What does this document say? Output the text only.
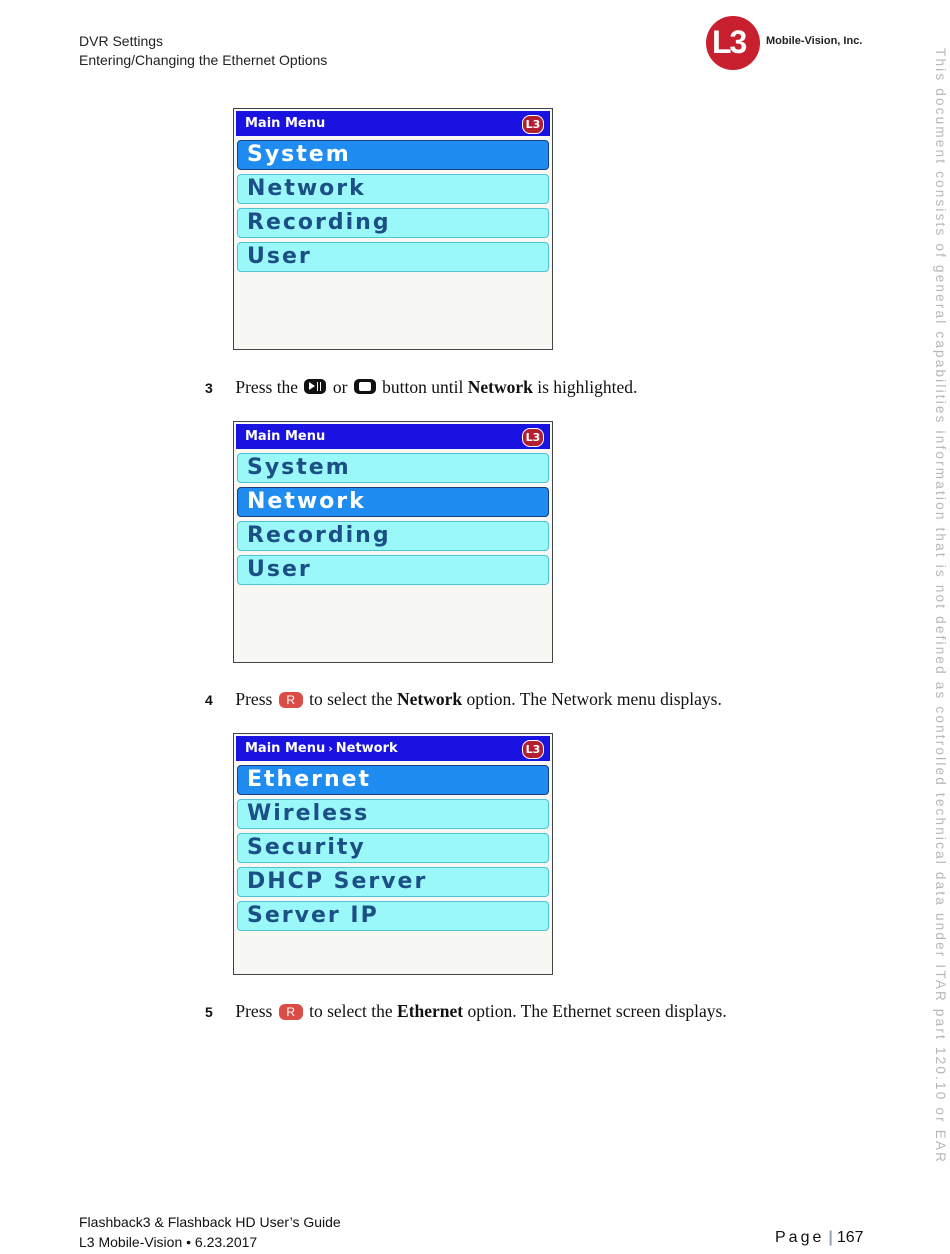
DVR Settings
Entering/Changing the Ethernet Options	L3 Mobile-Vision, Inc.
This document consists of general capabilities information that is not defined as controlled technical data under ITAR part 120.10 or EAR
Main Menu	L3
System
Network
Recording
User
3 Press the or button until Network is highlighted.
Main Menu	L3
System
Network
Recording
User
4 Press R to select the Network option. The Network menu displays.
Main Menu › Network	L3
Ethernet
Wireless
Security
DHCP Server
Server IP
5 Press R to select the Ethernet option. The Ethernet screen displays.
Flashback3 & Flashback HD User’s Guide
L3 Mobile-Vision • 6.23.2017	Page | 167
